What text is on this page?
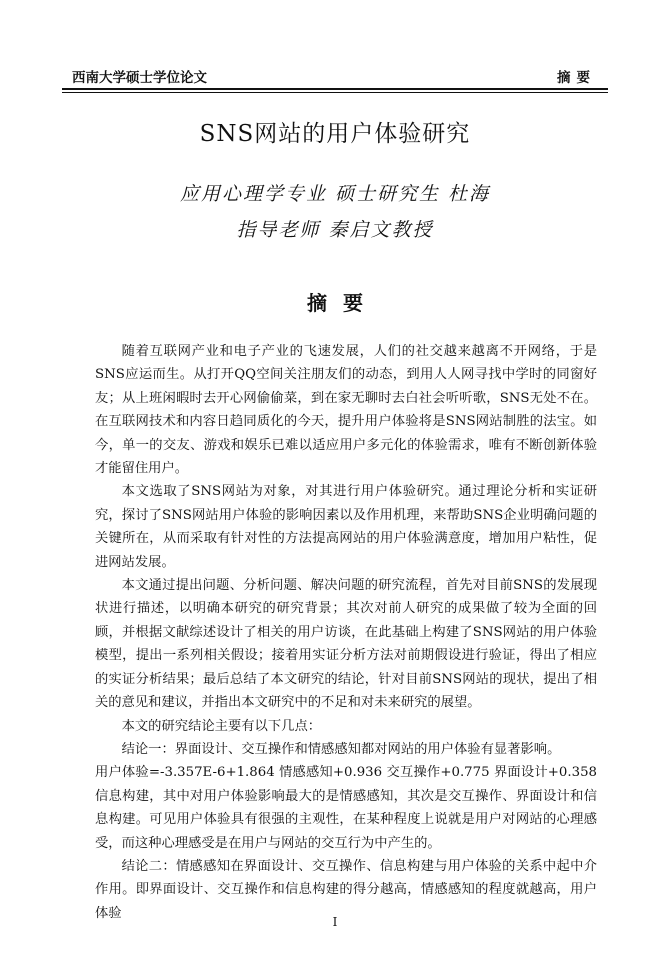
西南大学硕士学位论文	摘要
SNS网站的用户体验研究
应用心理学专业 硕士研究生 杜海
指导老师 秦启文教授
摘要

随着互联网产业和电子产业的飞速发展，人们的社交越来越离不开网络，于是SNS应运而生。从打开QQ空间关注朋友们的动态，到用人人网寻找中学时的同窗好友；从上班闲暇时去开心网偷偷菜，到在家无聊时去白社会听听歌，SNS无处不在。在互联网技术和内容日趋同质化的今天，提升用户体验将是SNS网站制胜的法宝。如今，单一的交友、游戏和娱乐已难以适应用户多元化的体验需求，唯有不断创新体验才能留住用户。

本文选取了SNS网站为对象，对其进行用户体验研究。通过理论分析和实证研究，探讨了SNS网站用户体验的影响因素以及作用机理，来帮助SNS企业明确问题的关键所在，从而采取有针对性的方法提高网站的用户体验满意度，增加用户粘性，促进网站发展。

本文通过提出问题、分析问题、解决问题的研究流程，首先对目前SNS的发展现状进行描述，以明确本研究的研究背景；其次对前人研究的成果做了较为全面的回顾，并根据文献综述设计了相关的用户访谈，在此基础上构建了SNS网站的用户体验模型，提出一系列相关假设；接着用实证分析方法对前期假设进行验证，得出了相应的实证分析结果；最后总结了本文研究的结论，针对目前SNS网站的现状，提出了相关的意见和建议，并指出本文研究中的不足和对未来研究的展望。

本文的研究结论主要有以下几点：

结论一：界面设计、交互操作和情感感知都对网站的用户体验有显著影响。

用户体验=-3.357E-6+1.864 情感感知+0.936 交互操作+0.775 界面设计+0.358 信息构建，其中对用户体验影响最大的是情感感知，其次是交互操作、界面设计和信息构建。可见用户体验具有很强的主观性，在某种程度上说就是用户对网站的心理感受，而这种心理感受是在用户与网站的交互行为中产生的。

结论二：情感感知在界面设计、交互操作、信息构建与用户体验的关系中起中介作用。即界面设计、交互操作和信息构建的得分越高，情感感知的程度就越高，用户体验

I
